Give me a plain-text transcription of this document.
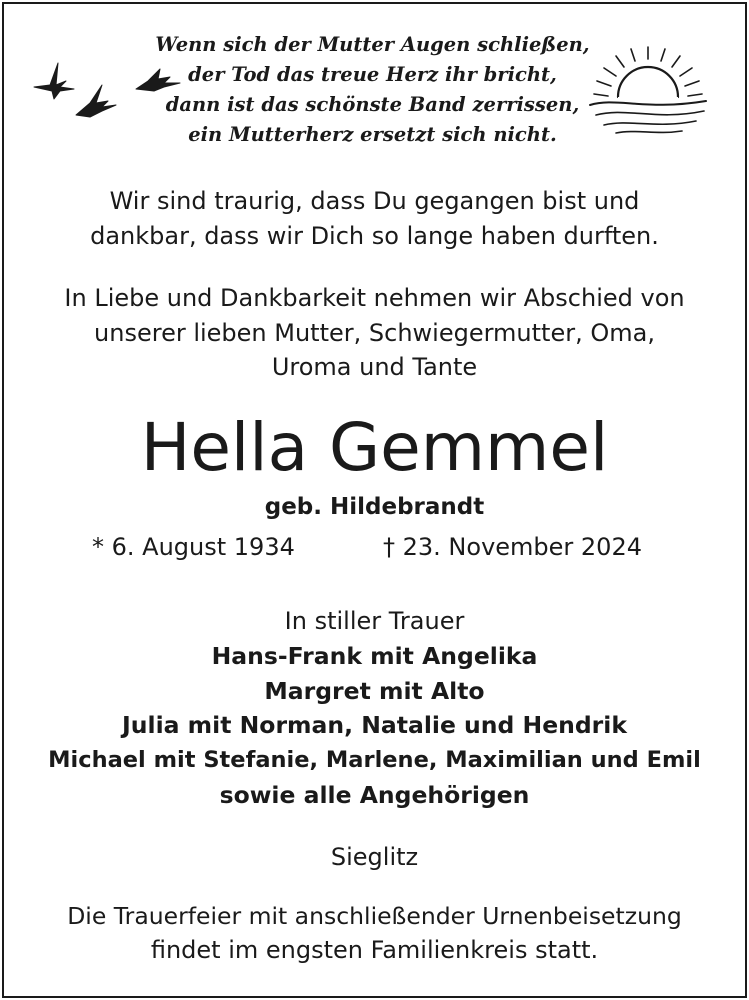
Wenn sich der Mutter Augen schließen,
der Tod das treue Herz ihr bricht,
dann ist das schönste Band zerrissen,
ein Mutterherz ersetzt sich nicht.
Wir sind traurig, dass Du gegangen bist und
dankbar, dass wir Dich so lange haben durften.
In Liebe und Dankbarkeit nehmen wir Abschied von
unserer lieben Mutter, Schwiegermutter, Oma,
Uroma und Tante
Hella Gemmel
geb. Hildebrandt
* 6. August 1934	† 23. November 2024
In stiller Trauer
Hans-Frank mit Angelika
Margret mit Alto
Julia mit Norman, Natalie und Hendrik
Michael mit Stefanie, Marlene, Maximilian und Emil
sowie alle Angehörigen
Sieglitz
Die Trauerfeier mit anschließender Urnenbeisetzung
findet im engsten Familienkreis statt.
